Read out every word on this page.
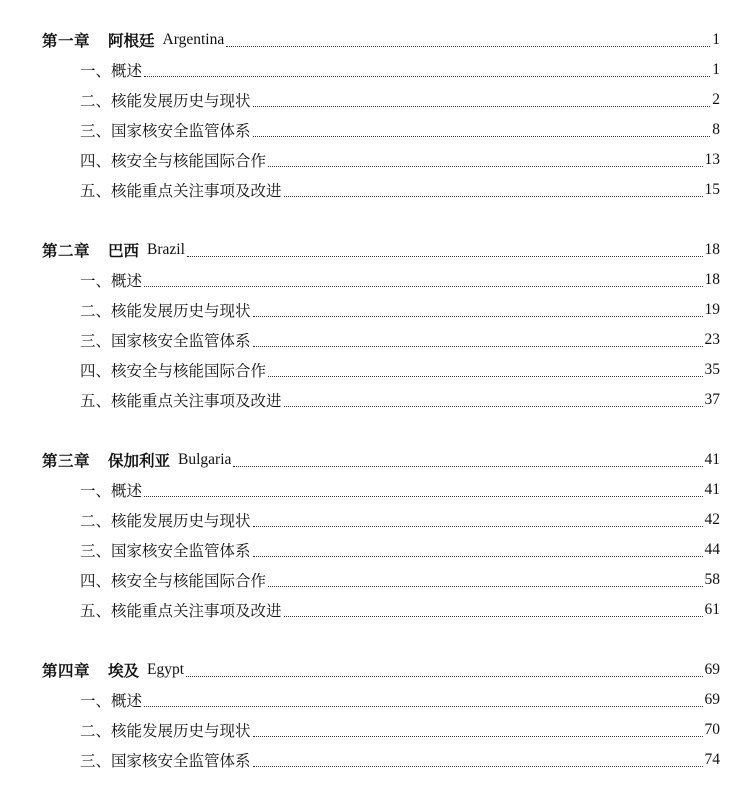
第一章 阿根廷 Argentina	1
一、 概述	1
二、 核能发展历史与现状	2
三、 国家核安全监管体系	8
四、 核安全与核能国际合作	13
五、 核能重点关注事项及改进	15
第二章 巴西 Brazil	18
一、 概述	18
二、 核能发展历史与现状	19
三、 国家核安全监管体系	23
四、 核安全与核能国际合作	35
五、 核能重点关注事项及改进	37
第三章 保加利亚 Bulgaria	41
一、 概述	41
二、 核能发展历史与现状	42
三、 国家核安全监管体系	44
四、 核安全与核能国际合作	58
五、 核能重点关注事项及改进	61
第四章 埃及 Egypt	69
一、 概述	69
二、 核能发展历史与现状	70
三、 国家核安全监管体系	74
